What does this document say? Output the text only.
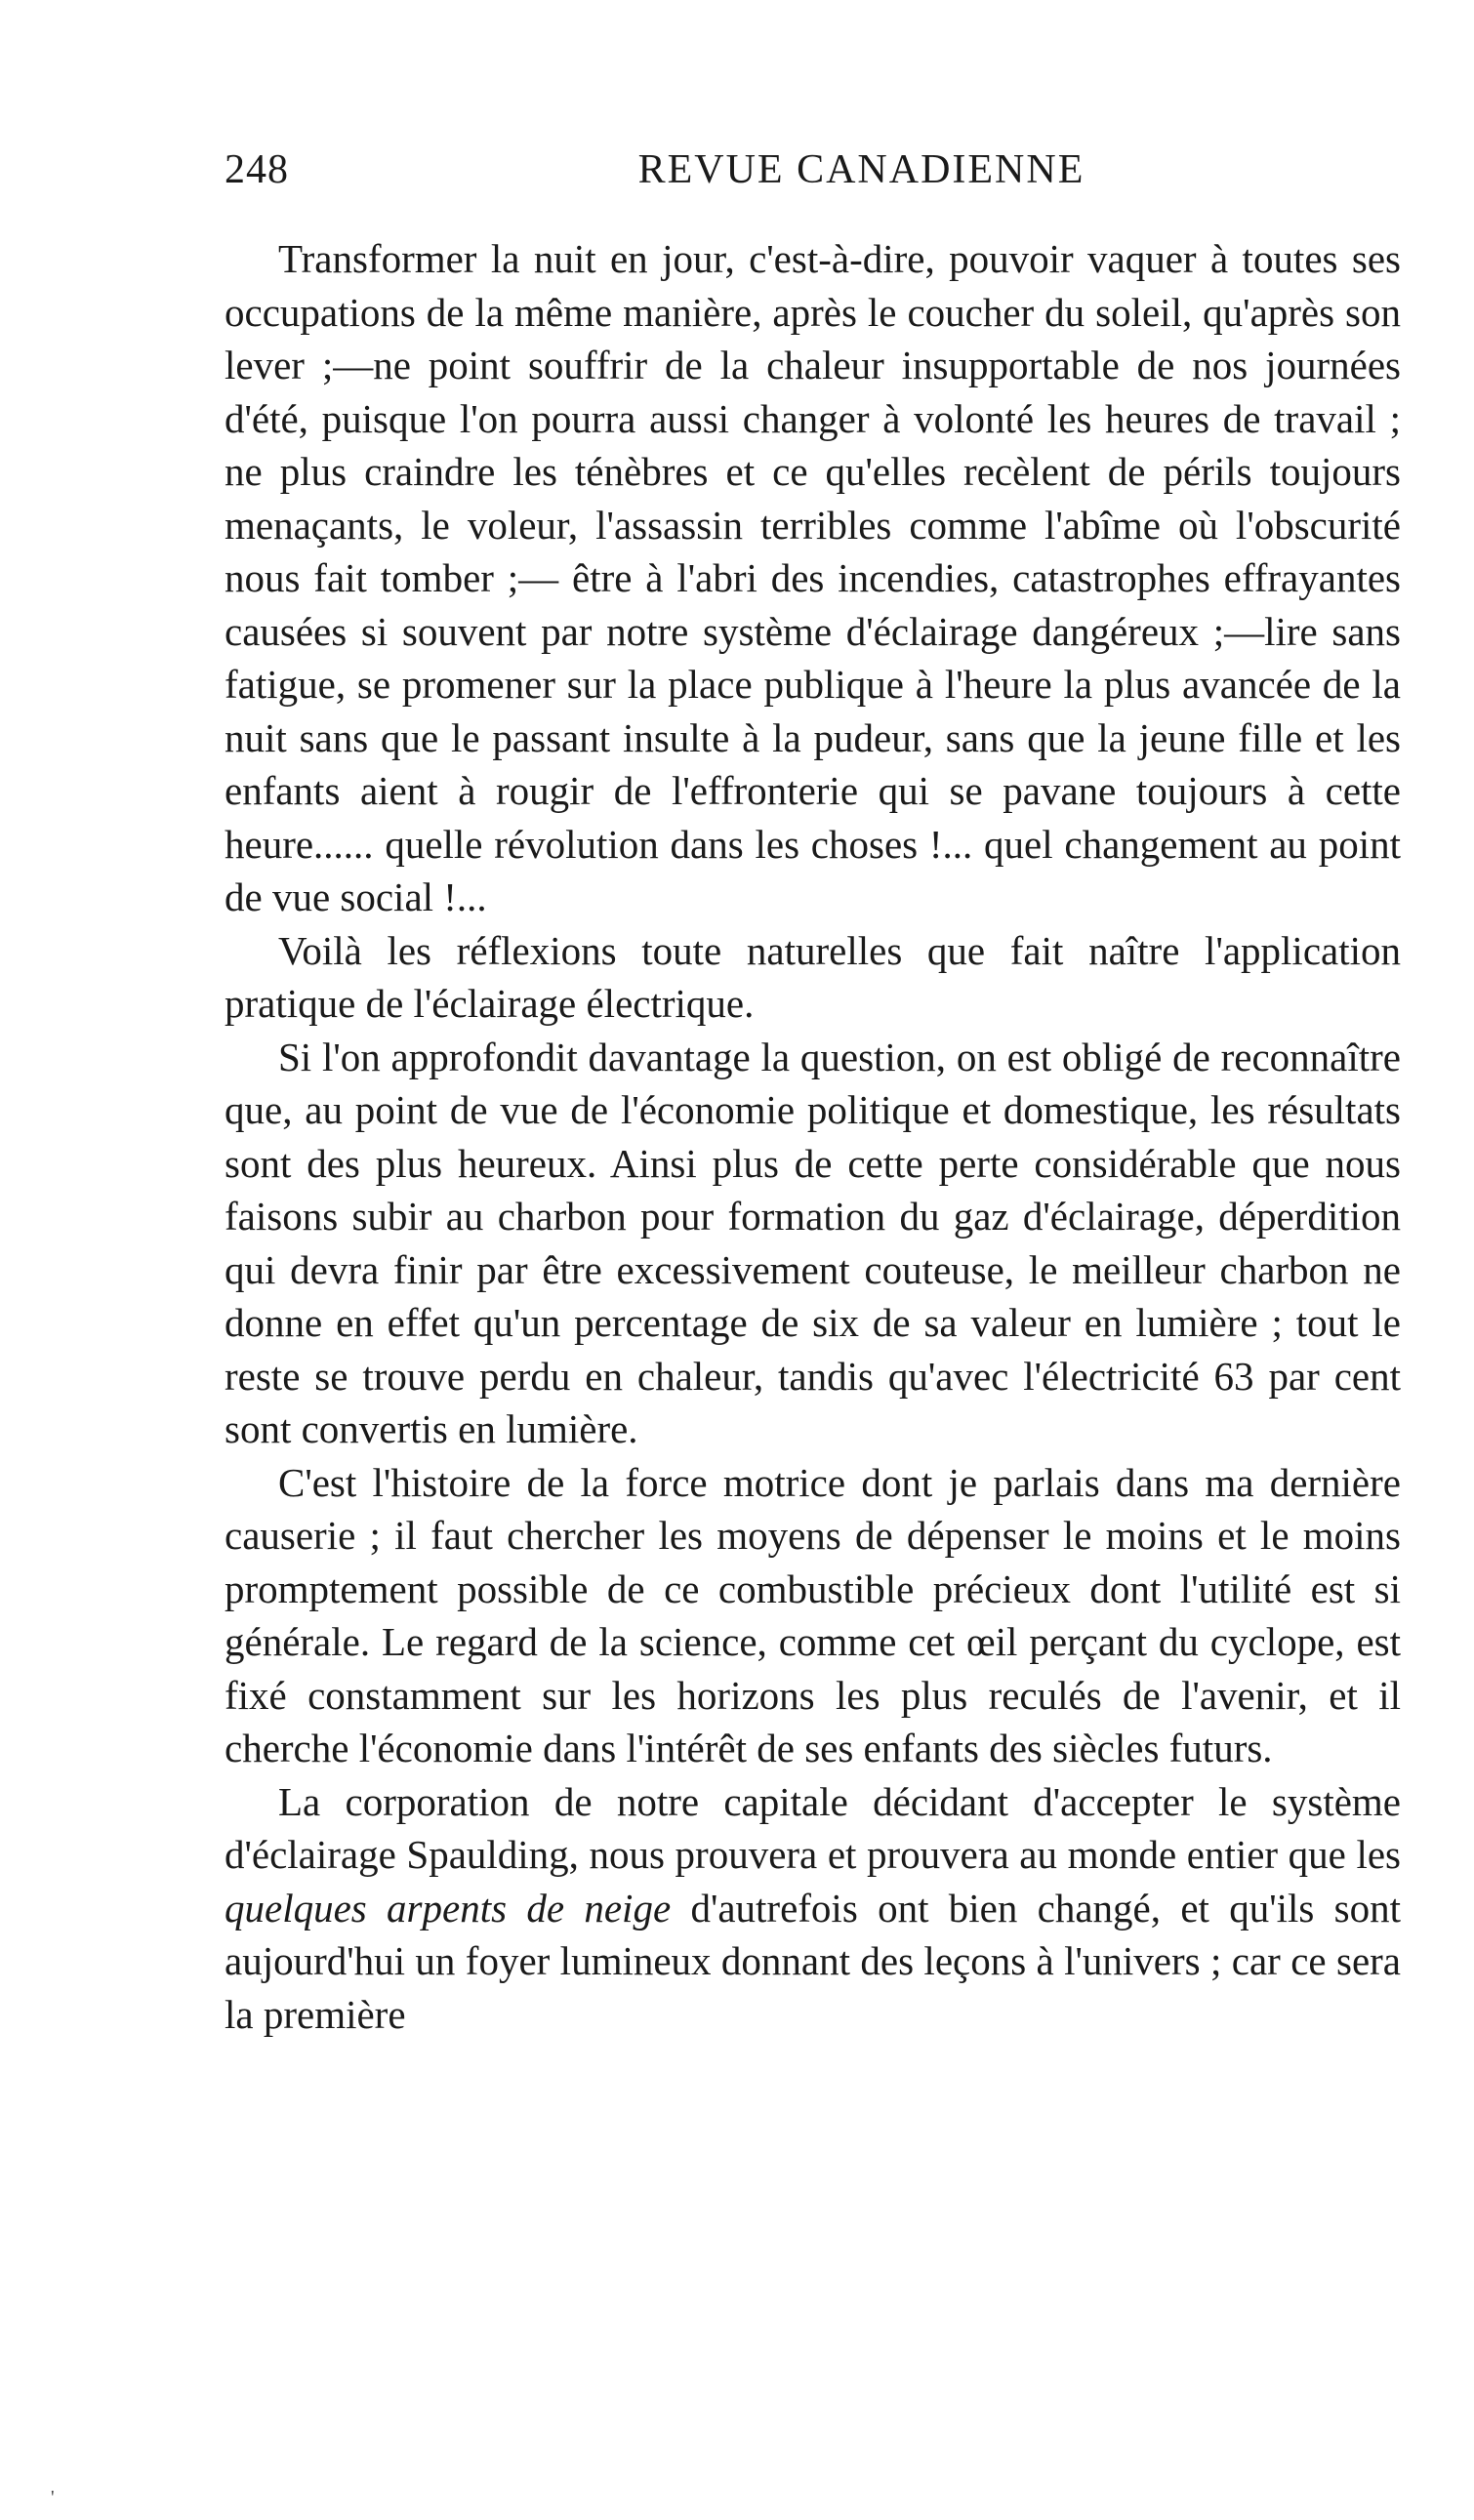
248	REVUE CANADIENNE

Transformer la nuit en jour, c'est-à-dire, pouvoir vaquer à toutes ses occupations de la même manière, après le coucher du soleil, qu'après son lever ;—ne point souffrir de la chaleur insupportable de nos journées d'été, puisque l'on pourra aussi changer à volonté les heures de travail ; ne plus craindre les ténèbres et ce qu'elles recèlent de périls toujours menaçants, le voleur, l'assassin terribles comme l'abîme où l'obscurité nous fait tomber ;— être à l'abri des incendies, catastrophes effrayantes causées si souvent par notre système d'éclairage dangéreux ;—lire sans fatigue, se promener sur la place publique à l'heure la plus avancée de la nuit sans que le passant insulte à la pudeur, sans que la jeune fille et les enfants aient à rougir de l'effronterie qui se pavane toujours à cette heure...... quelle révolution dans les choses !... quel changement au point de vue social !...

Voilà les réflexions toute naturelles que fait naître l'application pratique de l'éclairage électrique.

Si l'on approfondit davantage la question, on est obligé de reconnaître que, au point de vue de l'économie politique et domestique, les résultats sont des plus heureux. Ainsi plus de cette perte considérable que nous faisons subir au charbon pour formation du gaz d'éclairage, déperdition qui devra finir par être excessivement couteuse, le meilleur charbon ne donne en effet qu'un percentage de six de sa valeur en lumière ; tout le reste se trouve perdu en chaleur, tandis qu'avec l'électricité 63 par cent sont convertis en lumière.

C'est l'histoire de la force motrice dont je parlais dans ma dernière causerie ; il faut chercher les moyens de dépenser le moins et le moins promptement possible de ce combustible précieux dont l'utilité est si générale. Le regard de la science, comme cet œil perçant du cyclope, est fixé constamment sur les horizons les plus reculés de l'avenir, et il cherche l'économie dans l'intérêt de ses enfants des siècles futurs.

La corporation de notre capitale décidant d'accepter le système d'éclairage Spaulding, nous prouvera et prouvera au monde entier que les quelques arpents de neige d'autrefois ont bien changé, et qu'ils sont aujourd'hui un foyer lumineux donnant des leçons à l'univers ; car ce sera la première

'
